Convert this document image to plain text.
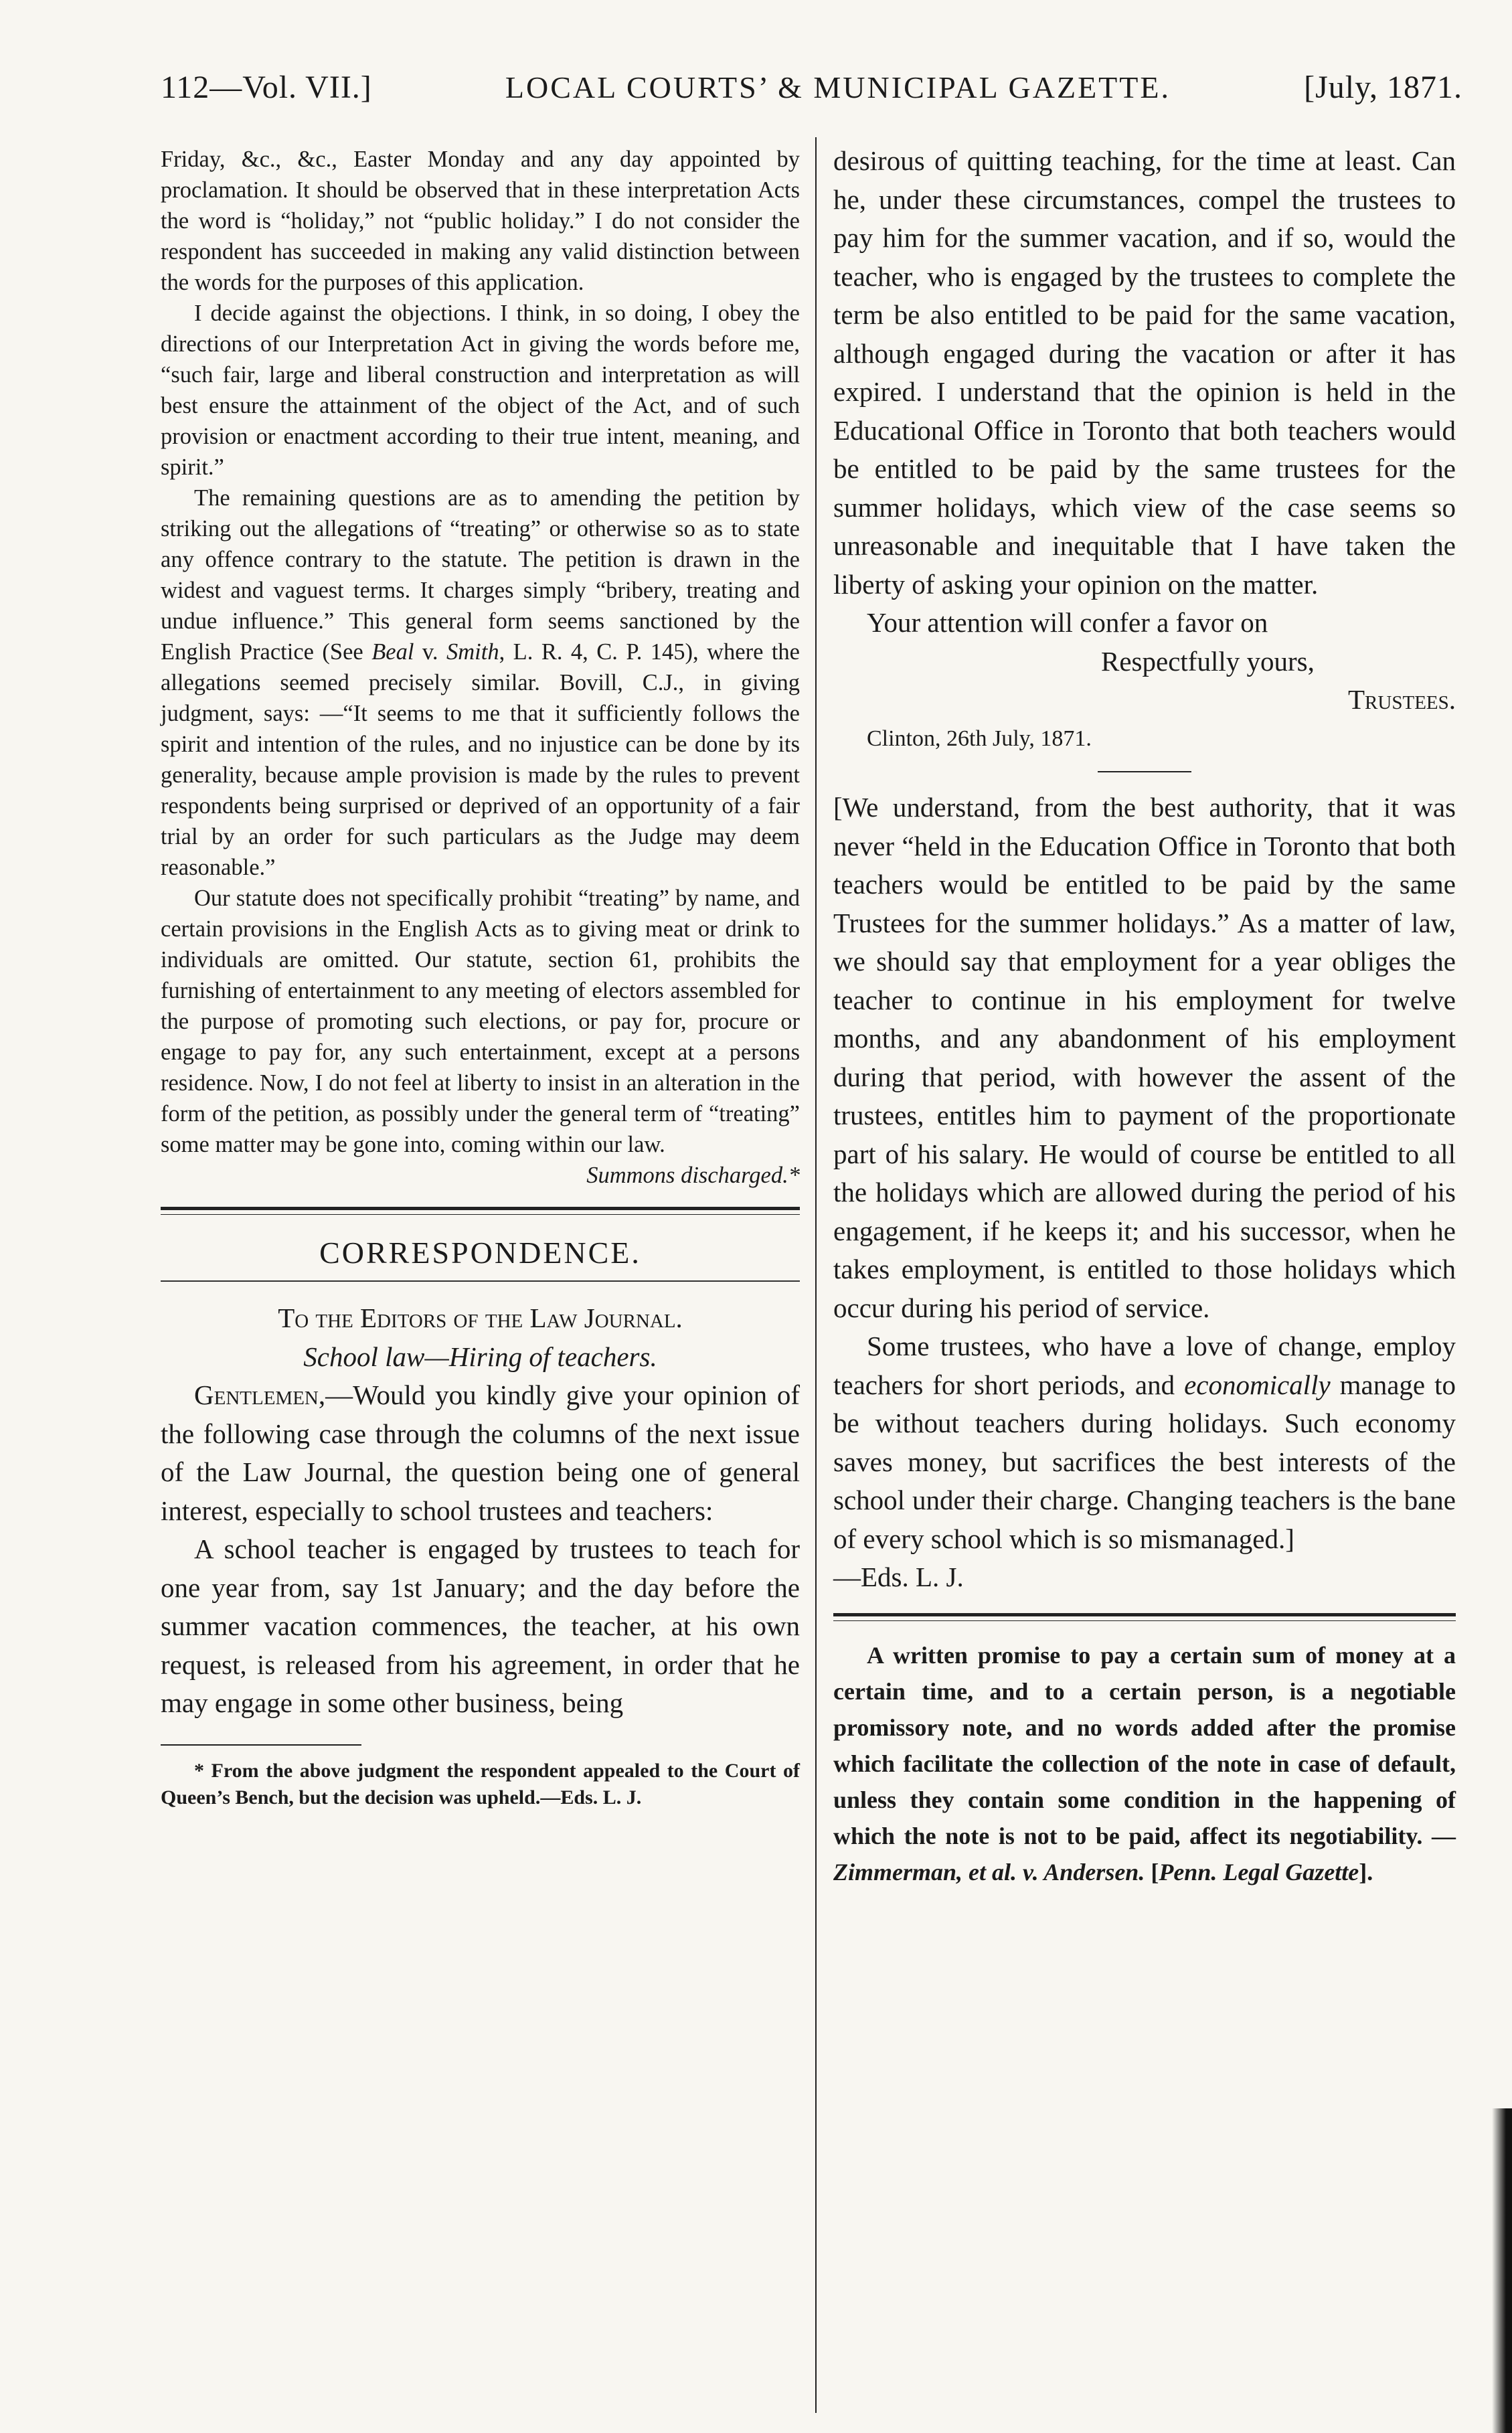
112—Vol. VII.]	LOCAL COURTS’ & MUNICIPAL GAZETTE.	[July, 1871.

Friday, &c., &c., Easter Monday and any day appointed by proclamation. It should be observed that in these interpretation Acts the word is “holiday,” not “public holiday.” I do not consider the respondent has succeeded in making any valid distinction between the words for the purposes of this application.

I decide against the objections. I think, in so doing, I obey the directions of our Interpretation Act in giving the words before me, “such fair, large and liberal construction and interpretation as will best ensure the attainment of the object of the Act, and of such provision or enactment according to their true intent, meaning, and spirit.”

The remaining questions are as to amending the petition by striking out the allegations of “treating” or otherwise so as to state any offence contrary to the statute. The petition is drawn in the widest and vaguest terms. It charges simply “bribery, treating and undue influence.” This general form seems sanctioned by the English Practice (See Beal v. Smith, L. R. 4, C. P. 145), where the allegations seemed precisely similar. Bovill, C.J., in giving judgment, says: —“It seems to me that it sufficiently follows the spirit and intention of the rules, and no injustice can be done by its generality, because ample provision is made by the rules to prevent respondents being surprised or deprived of an opportunity of a fair trial by an order for such particulars as the Judge may deem reasonable.”

Our statute does not specifically prohibit “treating” by name, and certain provisions in the English Acts as to giving meat or drink to individuals are omitted. Our statute, section 61, prohibits the furnishing of entertainment to any meeting of electors assembled for the purpose of promoting such elections, or pay for, procure or engage to pay for, any such entertainment, except at a persons residence. Now, I do not feel at liberty to insist in an alteration in the form of the petition, as possibly under the general term of “treating” some matter may be gone into, coming within our law.

Summons discharged.*
CORRESPONDENCE.

To the Editors of the Law Journal.

School law—Hiring of teachers.

Gentlemen,—Would you kindly give your opinion of the following case through the columns of the next issue of the Law Journal, the question being one of general interest, especially to school trustees and teachers:

A school teacher is engaged by trustees to teach for one year from, say 1st January; and the day before the summer vacation commences, the teacher, at his own request, is released from his agreement, in order that he may engage in some other business, being

* From the above judgment the respondent appealed to the Court of Queen’s Bench, but the decision was upheld.—Eds. L. J.

desirous of quitting teaching, for the time at least. Can he, under these circumstances, compel the trustees to pay him for the summer vacation, and if so, would the teacher, who is engaged by the trustees to complete the term be also entitled to be paid for the same vacation, although engaged during the vacation or after it has expired. I understand that the opinion is held in the Educational Office in Toronto that both teachers would be entitled to be paid by the same trustees for the summer holidays, which view of the case seems so unreasonable and inequitable that I have taken the liberty of asking your opinion on the matter.

Your attention will confer a favor on

Respectfully yours,

Trustees.

Clinton, 26th July, 1871.

[We understand, from the best authority, that it was never “held in the Education Office in Toronto that both teachers would be entitled to be paid by the same Trustees for the summer holidays.” As a matter of law, we should say that employment for a year obliges the teacher to continue in his employment for twelve months, and any abandonment of his employment during that period, with however the assent of the trustees, entitles him to payment of the proportionate part of his salary. He would of course be entitled to all the holidays which are allowed during the period of his engagement, if he keeps it; and his successor, when he takes employment, is entitled to those holidays which occur during his period of service.

Some trustees, who have a love of change, employ teachers for short periods, and economically manage to be without teachers during holidays. Such economy saves money, but sacrifices the best interests of the school under their charge. Changing teachers is the bane of every school which is so mismanaged.]

—Eds. L. J.

A written promise to pay a certain sum of money at a certain time, and to a certain person, is a negotiable promissory note, and no words added after the promise which facilitate the collection of the note in case of default, unless they contain some condition in the happening of which the note is not to be paid, affect its negotiability. —Zimmerman, et al. v. Andersen. [Penn. Legal Gazette].
